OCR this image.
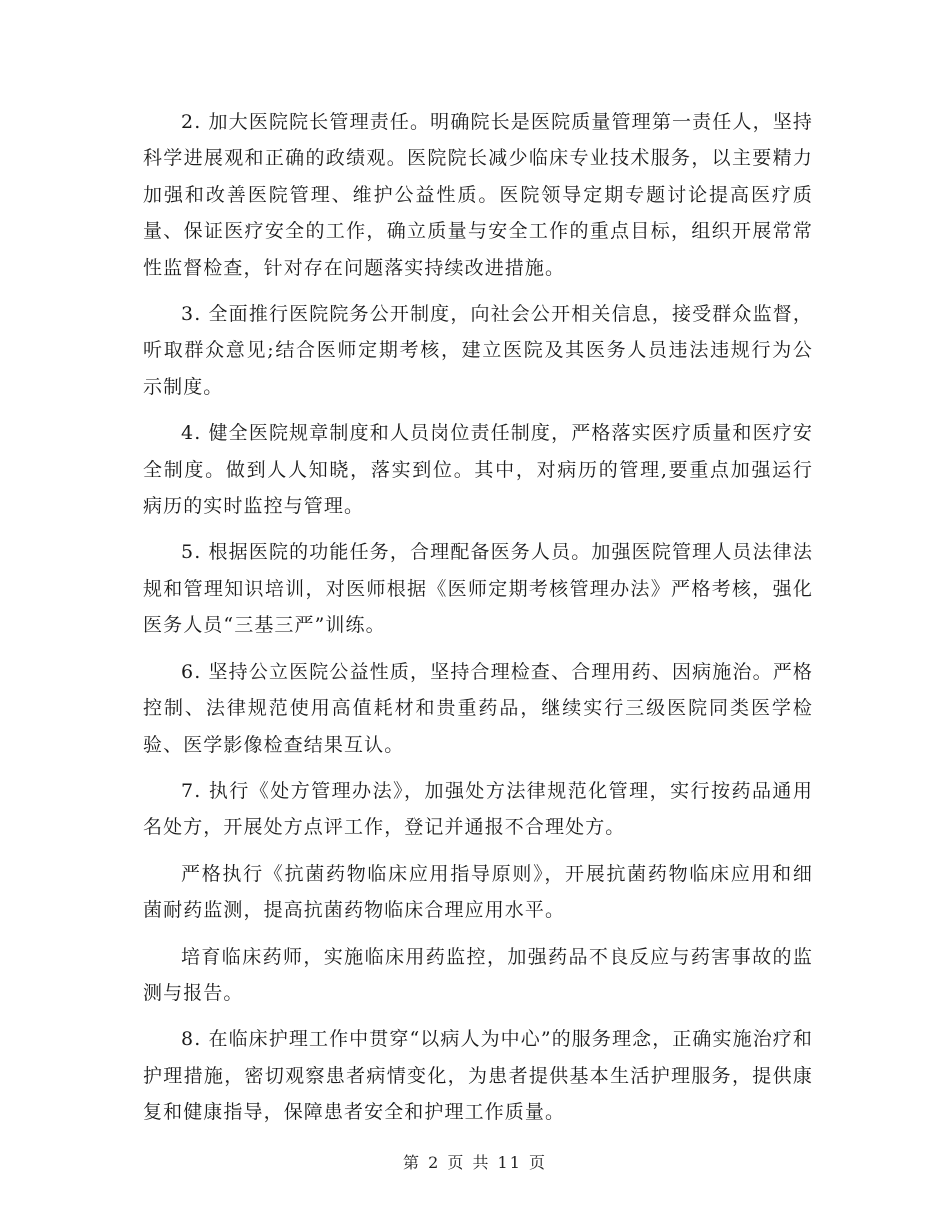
2. 加大医院院长管理责任。明确院长是医院质量管理第一责任人，坚持科学进展观和正确的政绩观。医院院长减少临床专业技术服务，以主要精力加强和改善医院管理、维护公益性质。医院领导定期专题讨论提高医疗质量、保证医疗安全的工作，确立质量与安全工作的重点目标，组织开展常常性监督检查，针对存在问题落实持续改进措施。

3. 全面推行医院院务公开制度，向社会公开相关信息，接受群众监督，听取群众意见;结合医师定期考核，建立医院及其医务人员违法违规行为公示制度。

4. 健全医院规章制度和人员岗位责任制度，严格落实医疗质量和医疗安全制度。做到人人知晓，落实到位。其中，对病历的管理,要重点加强运行病历的实时监控与管理。

5. 根据医院的功能任务，合理配备医务人员。加强医院管理人员法律法规和管理知识培训，对医师根据《医师定期考核管理办法》严格考核，强化医务人员“三基三严”训练。

6. 坚持公立医院公益性质，坚持合理检查、合理用药、因病施治。严格控制、法律规范使用高值耗材和贵重药品，继续实行三级医院同类医学检验、医学影像检查结果互认。

7. 执行《处方管理办法》，加强处方法律规范化管理，实行按药品通用名处方，开展处方点评工作，登记并通报不合理处方。

严格执行《抗菌药物临床应用指导原则》，开展抗菌药物临床应用和细菌耐药监测，提高抗菌药物临床合理应用水平。

培育临床药师，实施临床用药监控，加强药品不良反应与药害事故的监测与报告。

8. 在临床护理工作中贯穿“以病人为中心”的服务理念，正确实施治疗和护理措施，密切观察患者病情变化，为患者提供基本生活护理服务，提供康复和健康指导，保障患者安全和护理工作质量。

第 2 页 共 11 页
